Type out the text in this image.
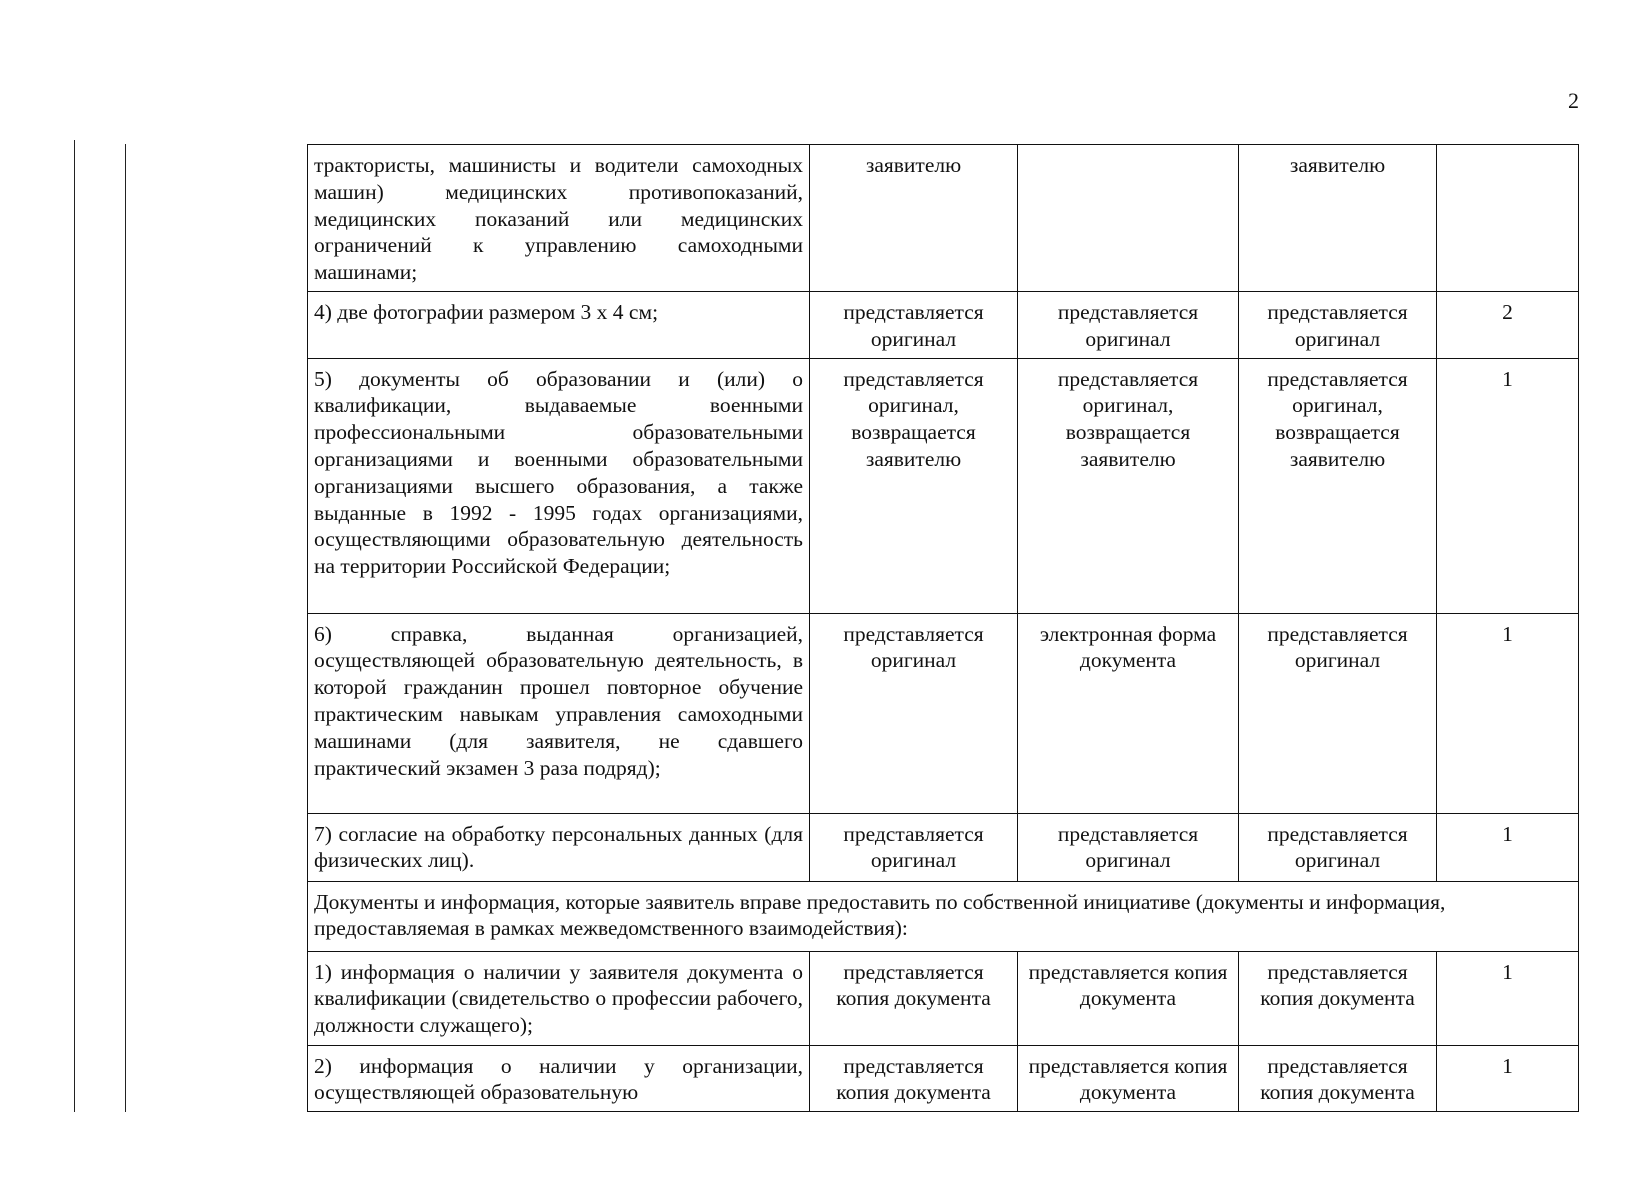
2
трактористы, машинисты и водители самоходных машин) медицинских противопоказаний, медицинских показаний или медицинских ограничений к управлению самоходными машинами;	заявителю		заявителю	
4) две фотографии размером 3 х 4 см;	представляется оригинал	представляется оригинал	представляется оригинал	2
5) документы об образовании и (или) о квалификации, выдаваемые военными профессиональными образовательными организациями и военными образовательными организациями высшего образования, а также выданные в 1992 - 1995 годах организациями, осуществляющими образовательную деятельность на территории Российской Федерации;	представляется оригинал, возвращается заявителю	представляется оригинал, возвращается заявителю	представляется оригинал, возвращается заявителю	1
6) справка, выданная организацией, осуществляющей образовательную деятельность, в которой гражданин прошел повторное обучение практическим навыкам управления самоходными машинами (для заявителя, не сдавшего практический экзамен 3 раза подряд);	представляется оригинал	электронная форма документа	представляется оригинал	1
7) согласие на обработку персональных данных (для физических лиц).	представляется оригинал	представляется оригинал	представляется оригинал	1
Документы и информация, которые заявитель вправе предоставить по собственной инициативе (документы и информация, предоставляемая в рамках межведомственного взаимодействия):				
1) информация о наличии у заявителя документа о квалификации (свидетельство о профессии рабочего, должности служащего);	представляется копия документа	представляется копия документа	представляется копия документа	1
2) информация о наличии у организации, осуществляющей образовательную	представляется копия документа	представляется копия документа	представляется копия документа	1
